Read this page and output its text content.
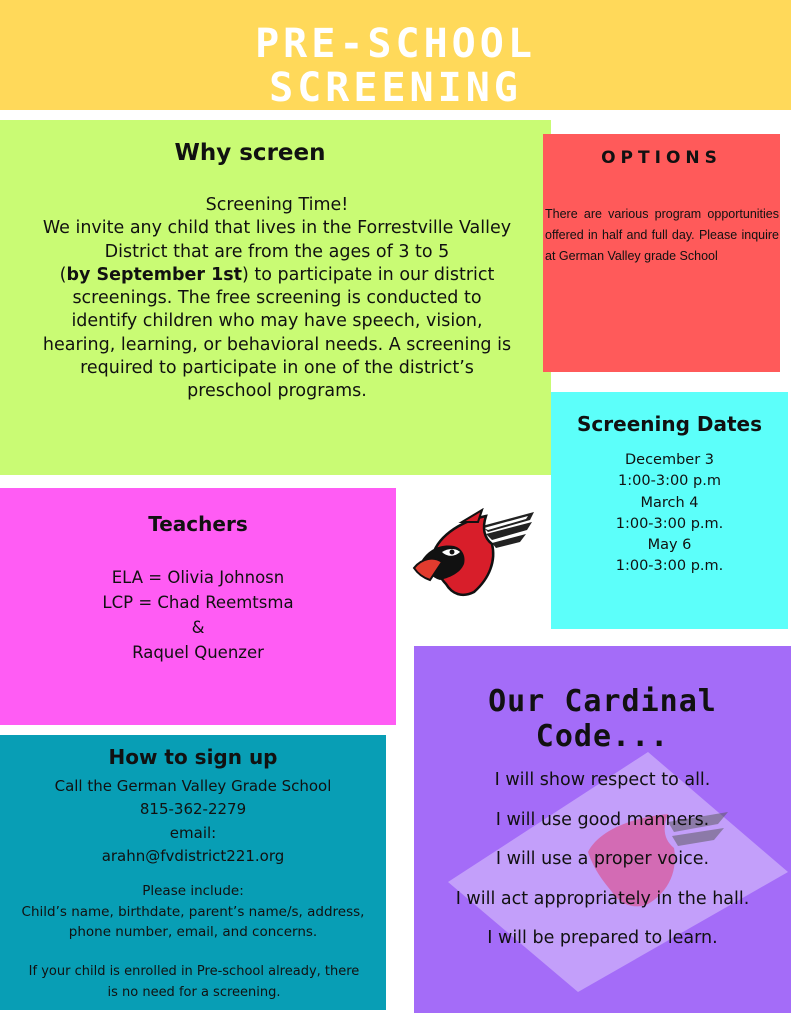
PRE-SCHOOL
SCREENING
Why screen
Screening Time!
We invite any child that lives in the Forrestville Valley
District that are from the ages of 3 to 5
(by September 1st) to participate in our district
screenings. The free screening is conducted to
identify children who may have speech, vision,
hearing, learning, or behavioral needs. A screening is
required to participate in one of the district’s
preschool programs.
OPTIONS
There are various program opportunities offered in half and full day. Please inquire at German Valley grade School
Screening Dates
December 3
1:00-3:00 p.m
March 4
1:00-3:00 p.m.
May 6
1:00-3:00 p.m.
Teachers
ELA = Olivia Johnosn
LCP = Chad Reemtsma
&
Raquel Quenzer
Our Cardinal Code...
I will show respect to all.
I will use good manners.
I will use a proper voice.
I will act appropriately in the hall.
I will be prepared to learn.
How to sign up
Call the German Valley Grade School
815-362-2279
email:
arahn@fvdistrict221.org
Please include:
Child’s name, birthdate, parent’s name/s, address,
phone number, email, and concerns.
If your child is enrolled in Pre-school already, there
is no need for a screening.
